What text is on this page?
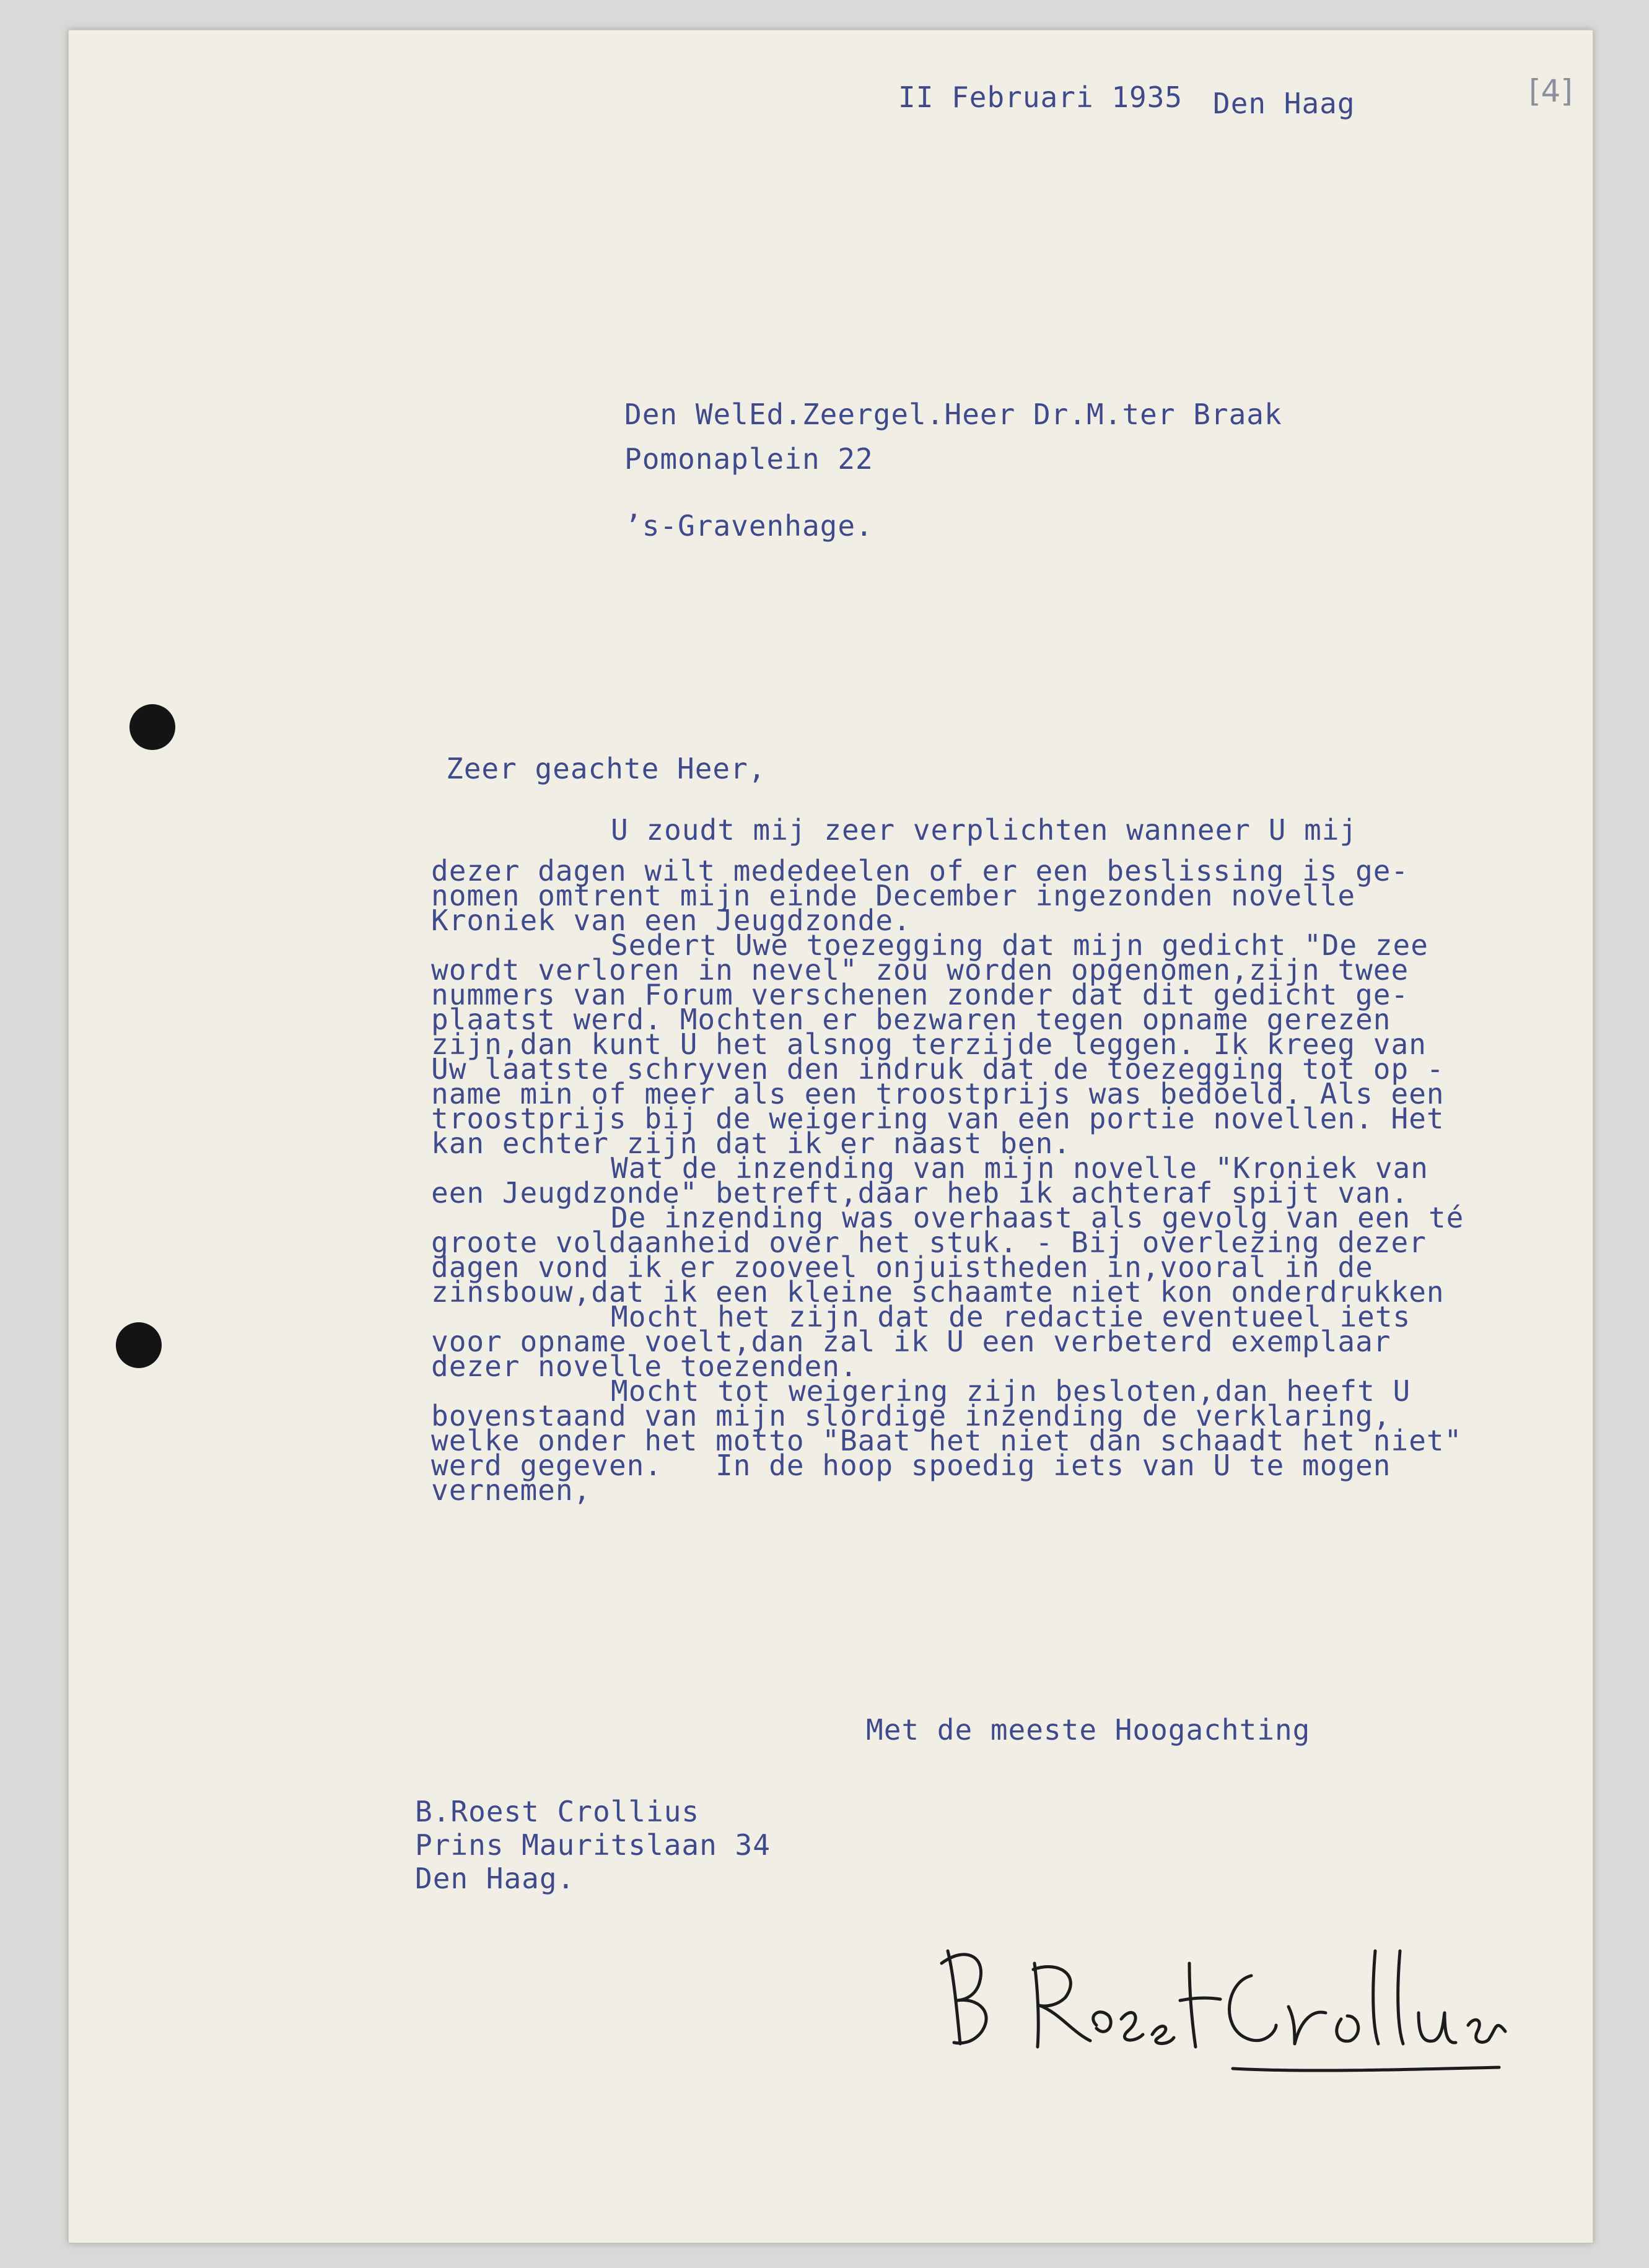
II Februari 1935 Den Haag	[4]
Den WelEd.Zeergel.Heer Dr.M.ter Braak
Pomonaplein 22
’s-Gravenhage.
Zeer geachte Heer,
U zoudt mij zeer verplichten wanneer U mij
dezer dagen wilt mededeelen of er een beslissing is ge-
nomen omtrent mijn einde December ingezonden novelle
Kroniek van een Jeugdzonde.
Sedert Uwe toezegging dat mijn gedicht "De zee
wordt verloren in nevel" zou worden opgenomen,zijn twee
nummers van Forum verschenen zonder dat dit gedicht ge-
plaatst werd. Mochten er bezwaren tegen opname gerezen
zijn,dan kunt U het alsnog terzijde leggen. Ik kreeg van
Uw laatste schryven den indruk dat de toezegging tot op -
name min of meer als een troostprijs was bedoeld. Als een
troostprijs bij de weigering van een portie novellen. Het
kan echter zijn dat ik er naast ben.
Wat de inzending van mijn novelle "Kroniek van
een Jeugdzonde" betreft,daar heb ik achteraf spijt van.
De inzending was overhaast als gevolg van een té
groote voldaanheid over het stuk. - Bij overlezing dezer
dagen vond ik er zooveel onjuistheden in,vooral in de
zinsbouw,dat ik een kleine schaamte niet kon onderdrukken
Mocht het zijn dat de redactie eventueel iets
voor opname voelt,dan zal ik U een verbeterd exemplaar
dezer novelle toezenden.
Mocht tot weigering zijn besloten,dan heeft U
bovenstaand van mijn slordige inzending de verklaring,
welke onder het motto "Baat het niet dan schaadt het niet"
werd gegeven.   In de hoop spoedig iets van U te mogen
vernemen,
Met de meeste Hoogachting
B.Roest Crollius
Prins Mauritslaan 34
Den Haag.
